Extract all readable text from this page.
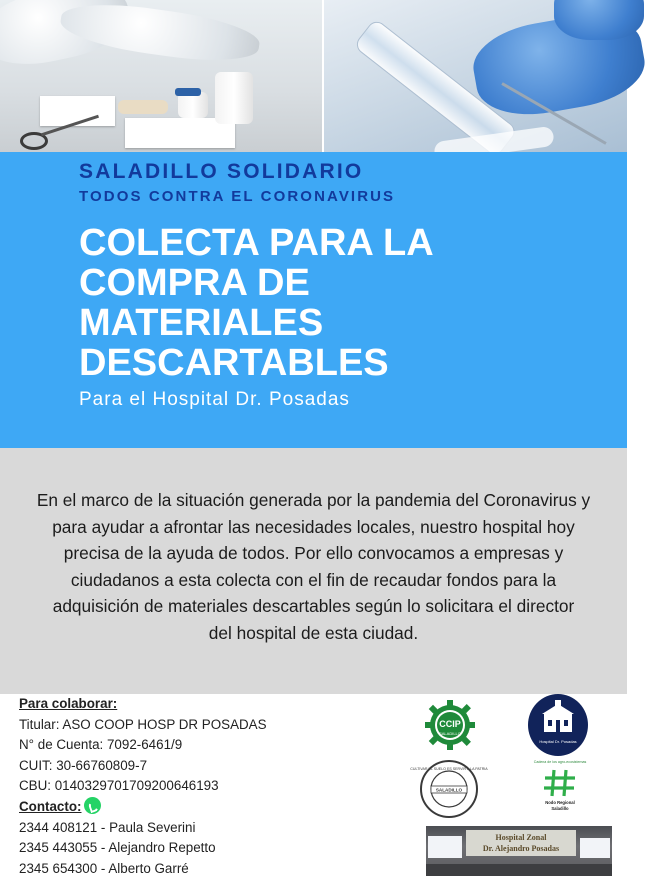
SALADILLO SOLIDARIO
TODOS CONTRA EL CORONAVIRUS
COLECTA PARA LA
COMPRA DE
MATERIALES
DESCARTABLES
Para el Hospital Dr. Posadas
En el marco de la situación generada por la pandemia del Coronavirus y
para ayudar a afrontar las necesidades locales, nuestro hospital hoy
precisa de la ayuda de todos. Por ello convocamos a empresas y
ciudadanos a esta colecta con el fin de recaudar fondos para la
adquisición de materiales descartables según lo solicitara el director
del hospital de esta ciudad.
Para colaborar:
Titular: ASO COOP HOSP DR POSADAS
N° de Cuenta: 7092-6461/9
CUIT: 30-66760809-7
CBU: 0140329701709200646193
Contacto:
2344 408121 - Paula Severini
2345 443055 - Alejandro Repetto
2345 654300 - Alberto Garré
CCIP
SALADILLO
Hospital Dr. Posadas
CULTIVAR EL SUELO ES SERVIR A LA PATRIA
SALADILLO
Cadena de los agro-ecosistemas
Nodo Regional
Saladillo
Hospital Zonal
Dr. Alejandro Posadas
